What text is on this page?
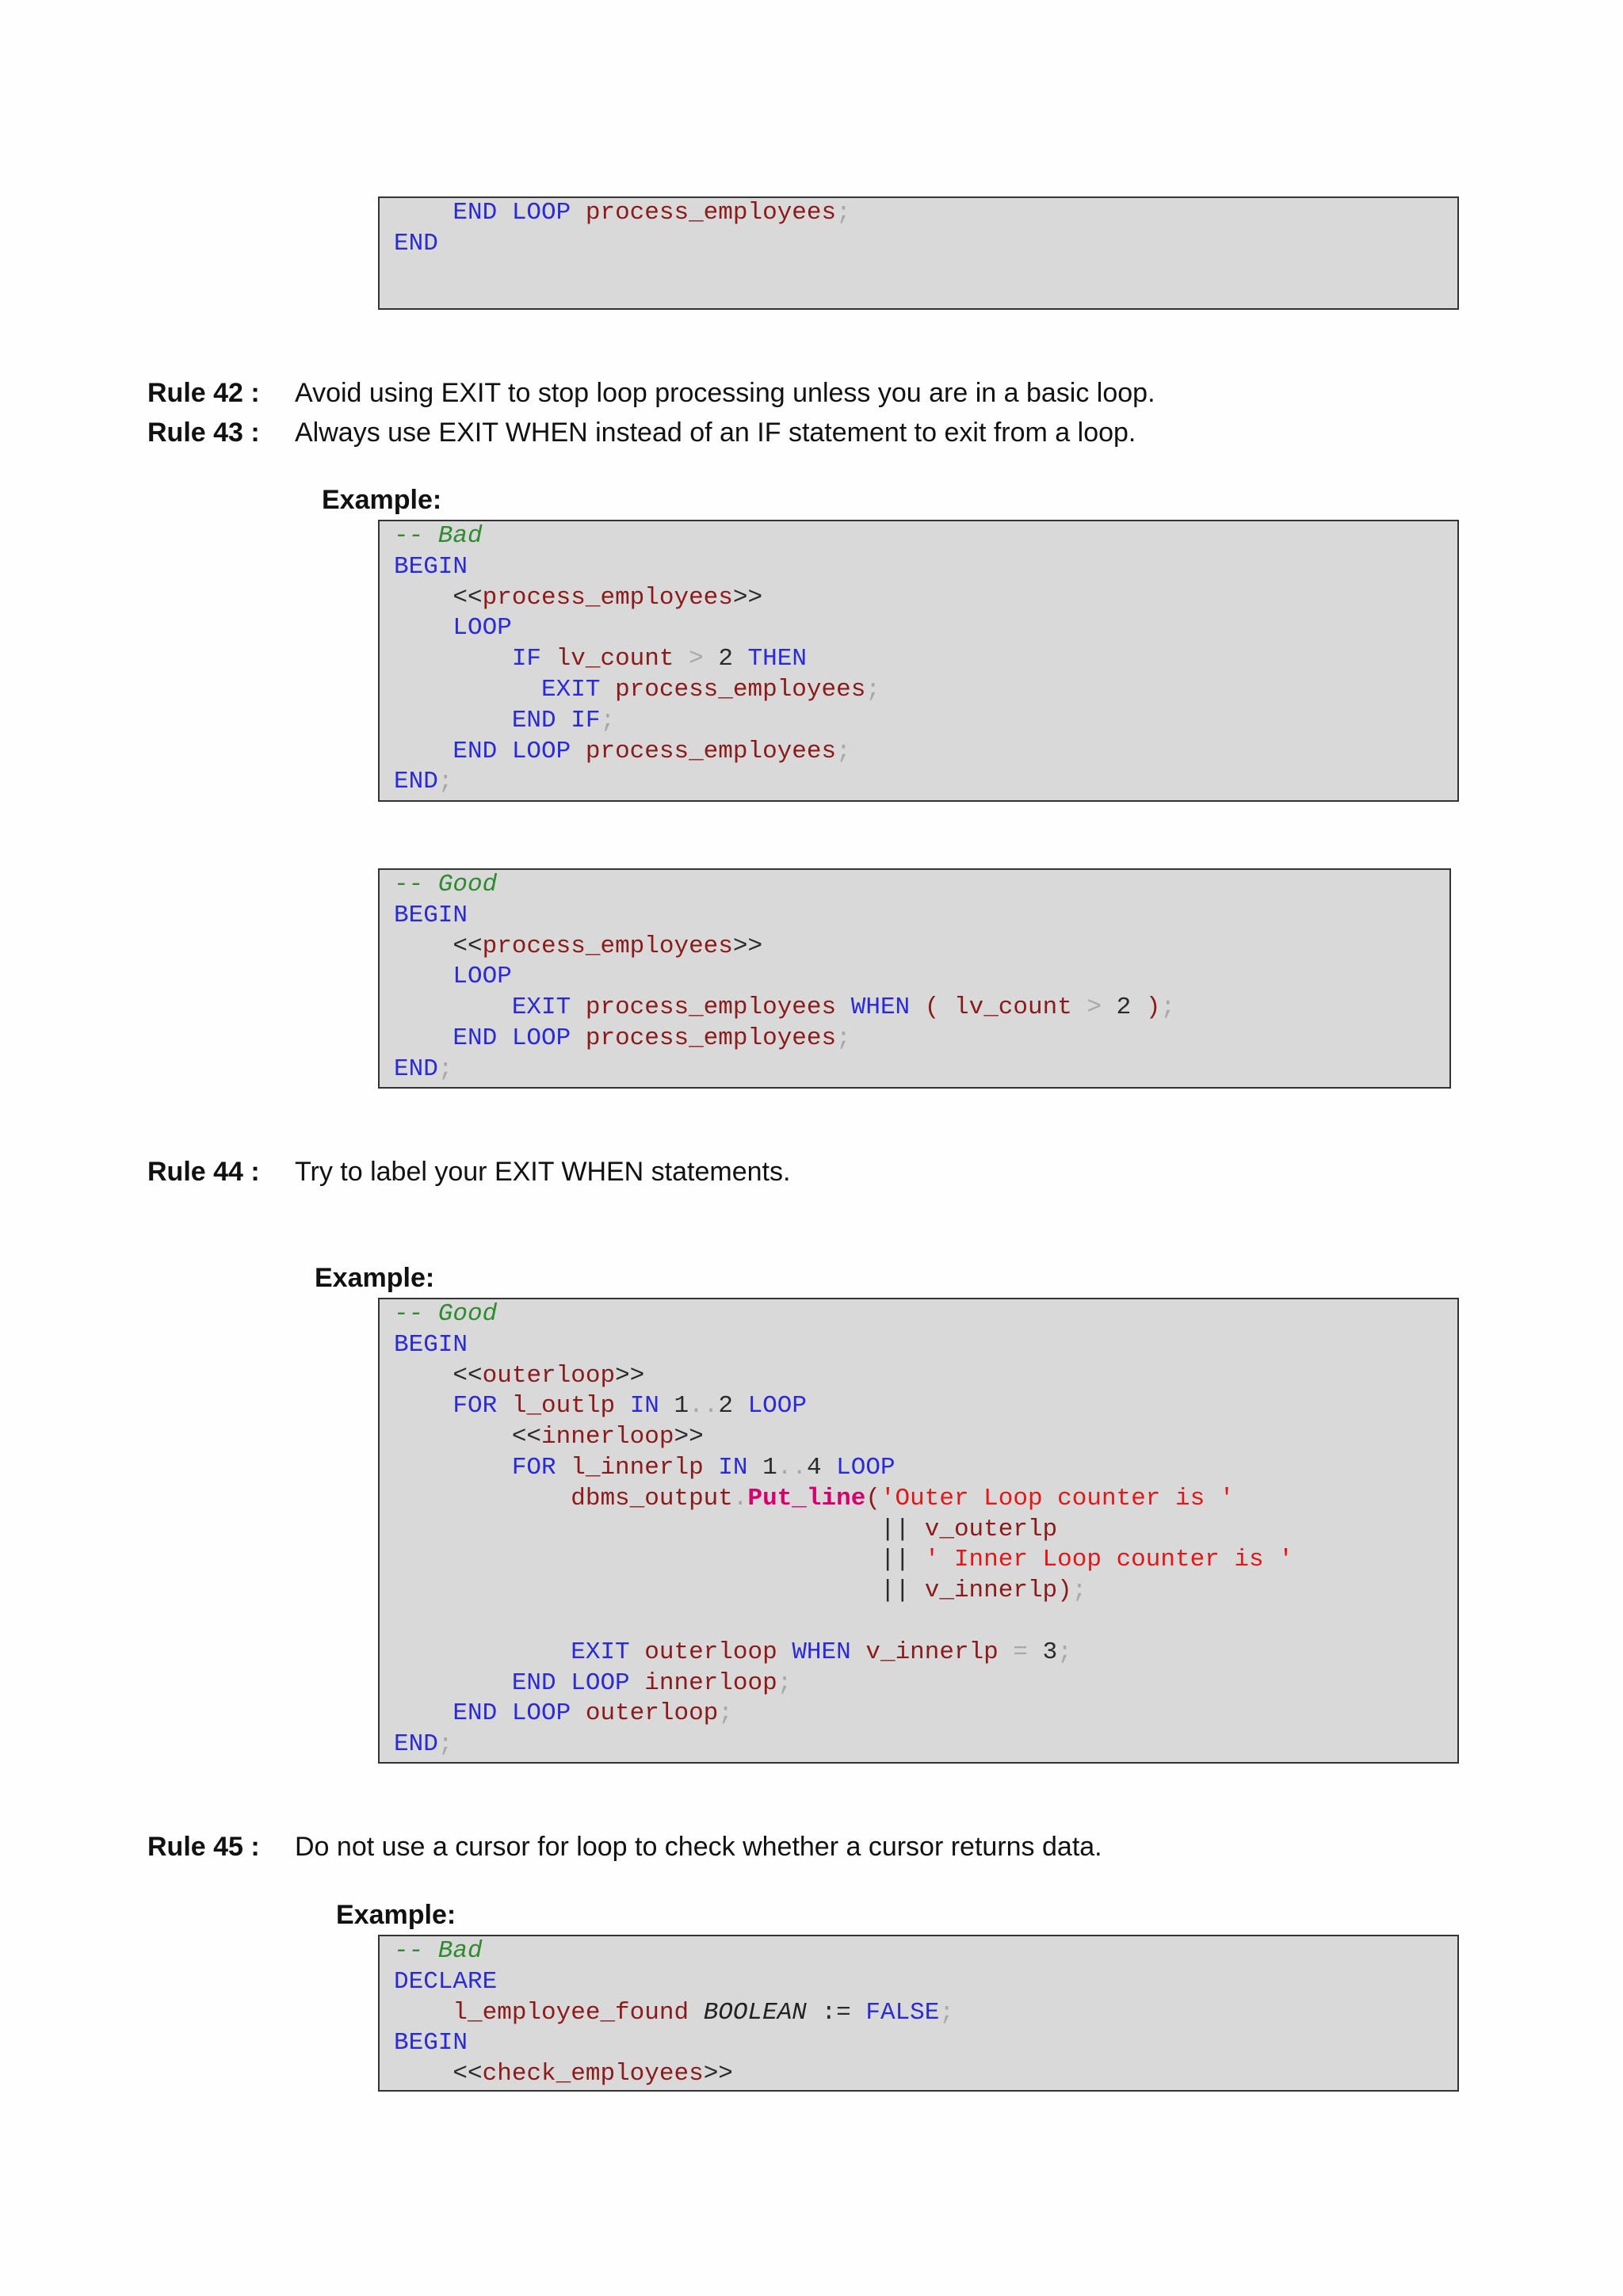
END LOOP process_employees;
END
Rule 42 : Avoid using EXIT to stop loop processing unless you are in a basic loop.
Rule 43 : Always use EXIT WHEN instead of an IF statement to exit from a loop.
Example:
-- Bad
BEGIN
<<process_employees>>
LOOP
IF lv_count > 2 THEN
EXIT process_employees;
END IF;
END LOOP process_employees;
END;
-- Good
BEGIN
<<process_employees>>
LOOP
EXIT process_employees WHEN ( lv_count > 2 );
END LOOP process_employees;
END;
Rule 44 : Try to label your EXIT WHEN statements.
Example:
-- Good
BEGIN
<<outerloop>>
FOR l_outlp IN 1..2 LOOP
<<innerloop>>
FOR l_innerlp IN 1..4 LOOP
dbms_output.Put_line('Outer Loop counter is '
|| v_outerlp
|| ' Inner Loop counter is '
|| v_innerlp);
EXIT outerloop WHEN v_innerlp = 3;
END LOOP innerloop;
END LOOP outerloop;
END;
Rule 45 : Do not use a cursor for loop to check whether a cursor returns data.
Example:
-- Bad
DECLARE
l_employee_found BOOLEAN := FALSE;
BEGIN
<<check_employees>>
